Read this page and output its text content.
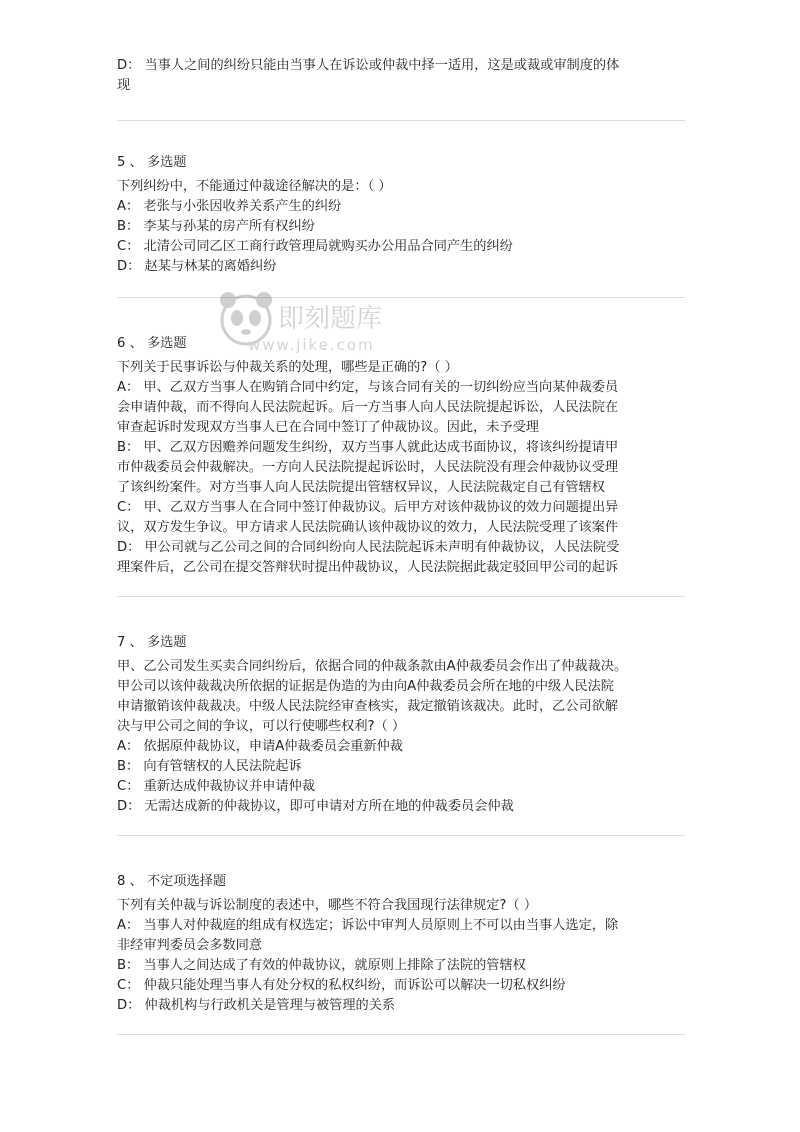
D： 当事人之间的纠纷只能由当事人在诉讼或仲裁中择一适用，这是或裁或审制度的体

现

5 、 多选题

下列纠纷中，不能通过仲裁途径解决的是：（ ）

A： 老张与小张因收养关系产生的纠纷

B： 李某与孙某的房产所有权纠纷

C： 北清公司同乙区工商行政管理局就购买办公用品合同产生的纠纷

D： 赵某与林某的离婚纠纷

6 、 多选题

下列关于民事诉讼与仲裁关系的处理，哪些是正确的?（ ）

A： 甲、乙双方当事人在购销合同中约定，与该合同有关的一切纠纷应当向某仲裁委员

会申请仲裁，而不得向人民法院起诉。后一方当事人向人民法院提起诉讼，人民法院在

审查起诉时发现双方当事人已在合同中签订了仲裁协议。因此，未予受理

B： 甲、乙双方因赡养问题发生纠纷，双方当事人就此达成书面协议，将该纠纷提请甲

市仲裁委员会仲裁解决。一方向人民法院提起诉讼时，人民法院没有理会仲裁协议受理

了该纠纷案件。对方当事人向人民法院提出管辖权异议，人民法院裁定自己有管辖权

C： 甲、乙双方当事人在合同中签订仲裁协议。后甲方对该仲裁协议的效力问题提出异

议，双方发生争议。甲方请求人民法院确认该仲裁协议的效力，人民法院受理了该案件

D： 甲公司就与乙公司之间的合同纠纷向人民法院起诉未声明有仲裁协议，人民法院受

理案件后，乙公司在提交答辩状时提出仲裁协议，人民法院据此裁定驳回甲公司的起诉

7 、 多选题

甲、乙公司发生买卖合同纠纷后，依据合同的仲裁条款由A仲裁委员会作出了仲裁裁决。

甲公司以该仲裁裁决所依据的证据是伪造的为由向A仲裁委员会所在地的中级人民法院

申请撤销该仲裁裁决。中级人民法院经审查核实，裁定撤销该裁决。此时，乙公司欲解

决与甲公司之间的争议，可以行使哪些权利?（ ）

A： 依据原仲裁协议，申请A仲裁委员会重新仲裁

B： 向有管辖权的人民法院起诉

C： 重新达成仲裁协议并申请仲裁

D： 无需达成新的仲裁协议，即可申请对方所在地的仲裁委员会仲裁

8 、 不定项选择题

下列有关仲裁与诉讼制度的表述中，哪些不符合我国现行法律规定?（ ）

A： 当事人对仲裁庭的组成有权选定；诉讼中审判人员原则上不可以由当事人选定，除

非经审判委员会多数同意

B： 当事人之间达成了有效的仲裁协议，就原则上排除了法院的管辖权

C： 仲裁只能处理当事人有处分权的私权纠纷，而诉讼可以解决一切私权纠纷

D： 仲裁机构与行政机关是管理与被管理的关系

即刻题库
www.jike.com
